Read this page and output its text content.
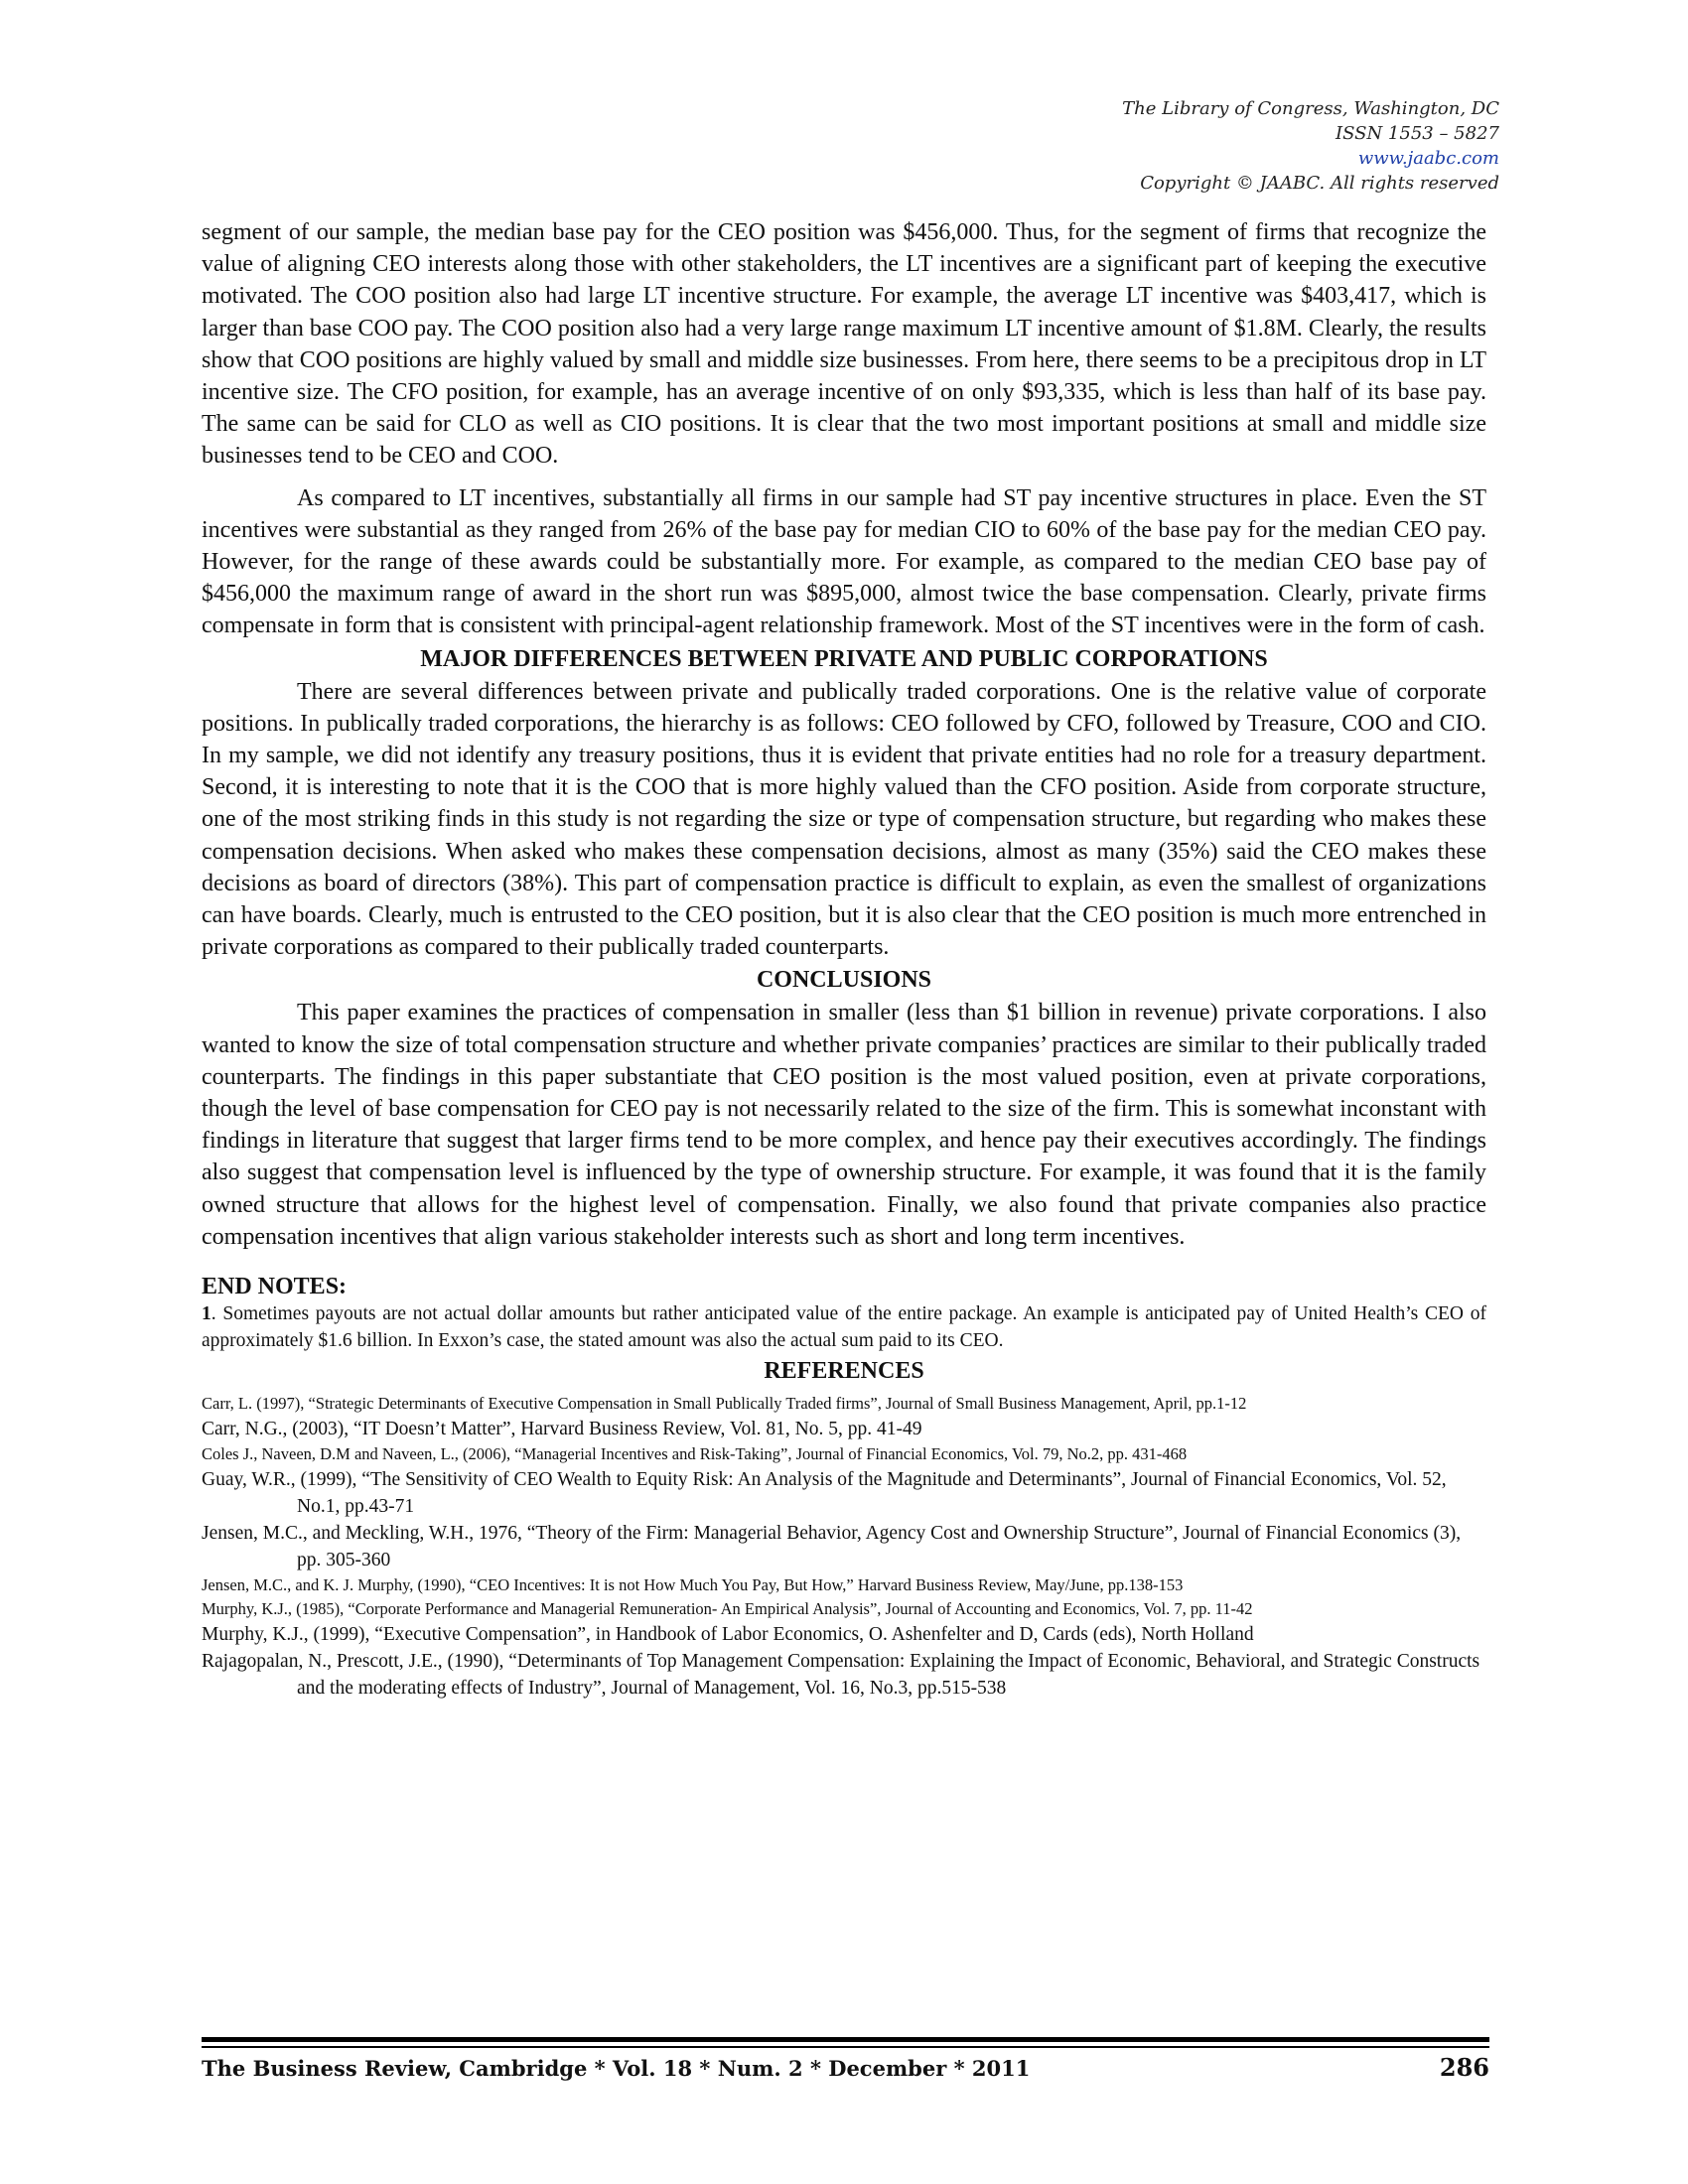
The Library of Congress, Washington, DC
ISSN 1553 – 5827
www.jaabc.com
Copyright © JAABC. All rights reserved

segment of our sample, the median base pay for the CEO position was $456,000. Thus, for the segment of firms that recognize the value of aligning CEO interests along those with other stakeholders, the LT incentives are a significant part of keeping the executive motivated. The COO position also had large LT incentive structure. For example, the average LT incentive was $403,417, which is larger than base COO pay. The COO position also had a very large range maximum LT incentive amount of $1.8M. Clearly, the results show that COO positions are highly valued by small and middle size businesses. From here, there seems to be a precipitous drop in LT incentive size. The CFO position, for example, has an average incentive of on only $93,335, which is less than half of its base pay. The same can be said for CLO as well as CIO positions. It is clear that the two most important positions at small and middle size businesses tend to be CEO and COO.

As compared to LT incentives, substantially all firms in our sample had ST pay incentive structures in place. Even the ST incentives were substantial as they ranged from 26% of the base pay for median CIO to 60% of the base pay for the median CEO pay. However, for the range of these awards could be substantially more. For example, as compared to the median CEO base pay of $456,000 the maximum range of award in the short run was $895,000, almost twice the base compensation. Clearly, private firms compensate in form that is consistent with principal-agent relationship framework. Most of the ST incentives were in the form of cash.

MAJOR DIFFERENCES BETWEEN PRIVATE AND PUBLIC CORPORATIONS

There are several differences between private and publically traded corporations. One is the relative value of corporate positions. In publically traded corporations, the hierarchy is as follows: CEO followed by CFO, followed by Treasure, COO and CIO. In my sample, we did not identify any treasury positions, thus it is evident that private entities had no role for a treasury department. Second, it is interesting to note that it is the COO that is more highly valued than the CFO position. Aside from corporate structure, one of the most striking finds in this study is not regarding the size or type of compensation structure, but regarding who makes these compensation decisions. When asked who makes these compensation decisions, almost as many (35%) said the CEO makes these decisions as board of directors (38%). This part of compensation practice is difficult to explain, as even the smallest of organizations can have boards. Clearly, much is entrusted to the CEO position, but it is also clear that the CEO position is much more entrenched in private corporations as compared to their publically traded counterparts.

CONCLUSIONS

This paper examines the practices of compensation in smaller (less than $1 billion in revenue) private corporations. I also wanted to know the size of total compensation structure and whether private companies’ practices are similar to their publically traded counterparts. The findings in this paper substantiate that CEO position is the most valued position, even at private corporations, though the level of base compensation for CEO pay is not necessarily related to the size of the firm. This is somewhat inconstant with findings in literature that suggest that larger firms tend to be more complex, and hence pay their executives accordingly. The findings also suggest that compensation level is influenced by the type of ownership structure. For example, it was found that it is the family owned structure that allows for the highest level of compensation. Finally, we also found that private companies also practice compensation incentives that align various stakeholder interests such as short and long term incentives.

END NOTES:

1. Sometimes payouts are not actual dollar amounts but rather anticipated value of the entire package. An example is anticipated pay of United Health’s CEO of approximately $1.6 billion. In Exxon’s case, the stated amount was also the actual sum paid to its CEO.

REFERENCES

Carr, L. (1997), “Strategic Determinants of Executive Compensation in Small Publically Traded firms”, Journal of Small Business Management, April, pp.1-12

Carr, N.G., (2003), “IT Doesn’t Matter”, Harvard Business Review, Vol. 81, No. 5, pp. 41-49

Coles J., Naveen, D.M and Naveen, L., (2006), “Managerial Incentives and Risk-Taking”, Journal of Financial Economics, Vol. 79, No.2, pp. 431-468

Guay, W.R., (1999), “The Sensitivity of CEO Wealth to Equity Risk: An Analysis of the Magnitude and Determinants”, Journal of Financial Economics, Vol. 52, No.1, pp.43-71

Jensen, M.C., and Meckling, W.H., 1976, “Theory of the Firm: Managerial Behavior, Agency Cost and Ownership Structure”, Journal of Financial Economics (3), pp. 305-360

Jensen, M.C., and K. J. Murphy, (1990), “CEO Incentives: It is not How Much You Pay, But How,” Harvard Business Review, May/June, pp.138-153

Murphy, K.J., (1985), “Corporate Performance and Managerial Remuneration- An Empirical Analysis”, Journal of Accounting and Economics, Vol. 7, pp. 11-42

Murphy, K.J., (1999), “Executive Compensation”, in Handbook of Labor Economics, O. Ashenfelter and D, Cards (eds), North Holland

Rajagopalan, N., Prescott, J.E., (1990), “Determinants of Top Management Compensation: Explaining the Impact of Economic, Behavioral, and Strategic Constructs and the moderating effects of Industry”, Journal of Management, Vol. 16, No.3, pp.515-538

The Business Review, Cambridge * Vol. 18 * Num. 2 * December * 2011	286
